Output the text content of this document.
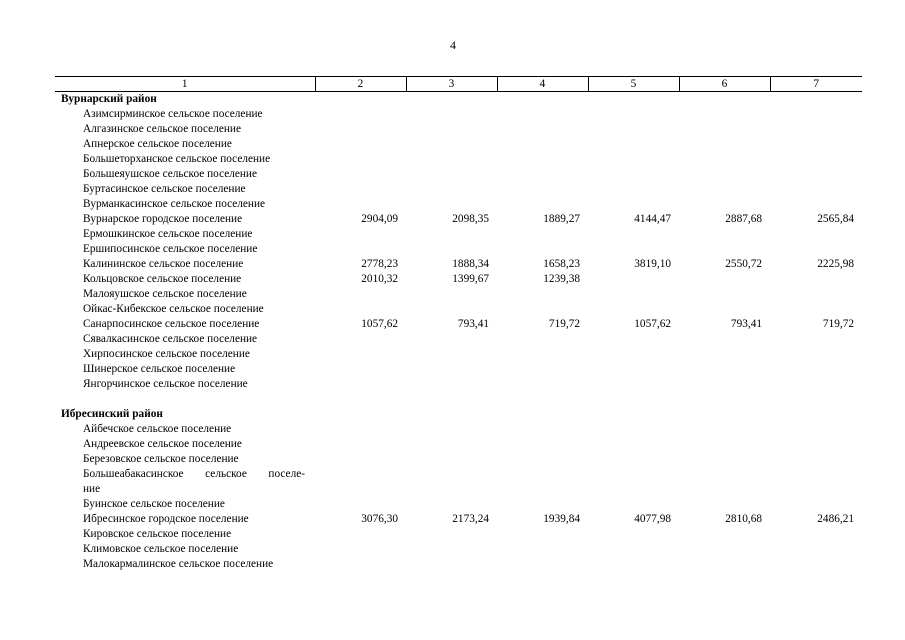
4
1	2	3	4	5	6	7
Вурнарский район						
Азимсирминское сельское поселение						
Алгазинское сельское поселение						
Апнерское сельское поселение						
Большеторханское сельское поселение						
Большеяушское сельское поселение						
Буртасинское сельское поселение						
Вурманкасинское сельское поселение						
Вурнарское городское поселение	2904,09	2098,35	1889,27	4144,47	2887,68	2565,84
Ермошкинское сельское поселение						
Ершипосинское сельское поселение						
Калининское сельское поселение	2778,23	1888,34	1658,23	3819,10	2550,72	2225,98
Кольцовское сельское поселение	2010,32	1399,67	1239,38			
Малояушское сельское поселение						
Ойкас-Кибекское сельское поселение						
Санарпосинское сельское поселение	1057,62	793,41	719,72	1057,62	793,41	719,72
Сявалкасинское сельское поселение						
Хирпосинское сельское поселение						
Шинерское сельское поселение						
Янгорчинское сельское поселение						

Ибресинский район						
Айбечское сельское поселение						
Андреевское сельское поселение						
Березовское сельское поселение						

Большеабакасинское сельское поселе-						

ние						
Буинское сельское поселение						
Ибресинское городское поселение	3076,30	2173,24	1939,84	4077,98	2810,68	2486,21
Кировское сельское поселение						
Климовское сельское поселение						
Малокармалинское сельское поселение						
